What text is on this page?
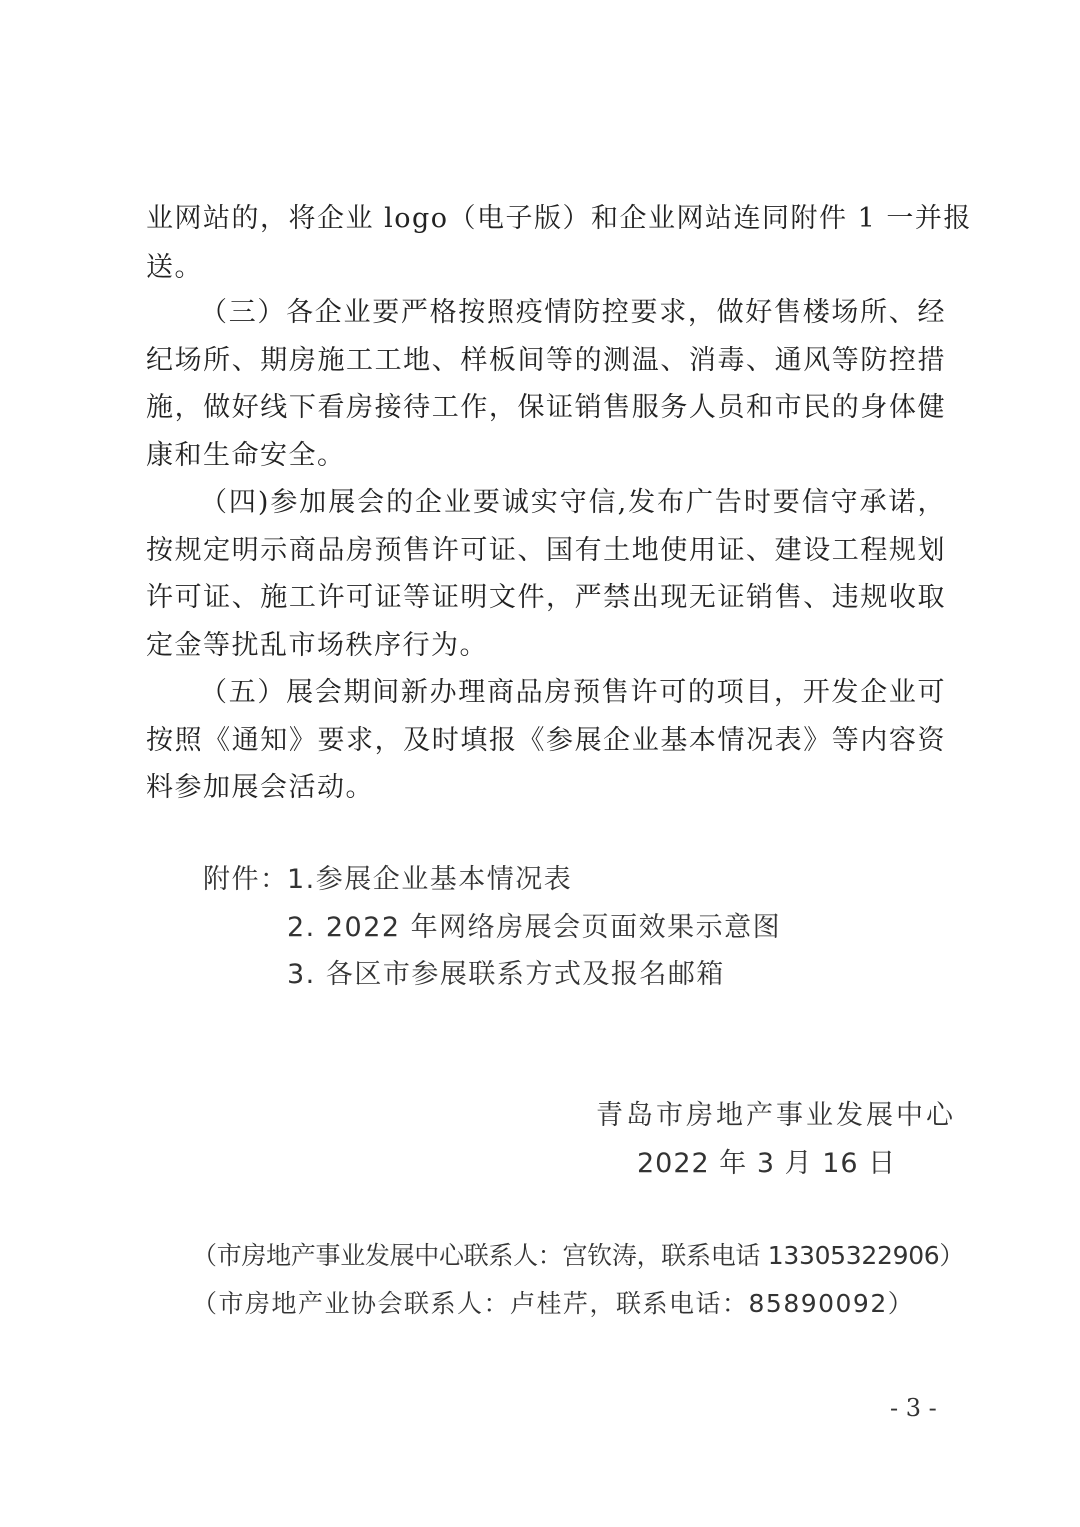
业网站的，将企业 logo（电子版）和企业网站连同附件 1 一并报
送。
（三）各企业要严格按照疫情防控要求，做好售楼场所、经
纪场所、期房施工工地、样板间等的测温、消毒、通风等防控措
施，做好线下看房接待工作，保证销售服务人员和市民的身体健
康和生命安全。
（四)参加展会的企业要诚实守信,发布广告时要信守承诺，
按规定明示商品房预售许可证、国有土地使用证、建设工程规划
许可证、施工许可证等证明文件，严禁出现无证销售、违规收取
定金等扰乱市场秩序行为。
（五）展会期间新办理商品房预售许可的项目，开发企业可
按照《通知》要求，及时填报《参展企业基本情况表》等内容资
料参加展会活动。
附件：
1.参展企业基本情况表
2. 2022 年网络房展会页面效果示意图
3. 各区市参展联系方式及报名邮箱
青岛市房地产事业发展中心
2022 年 3 月 16 日
（市房地产事业发展中心联系人：宫钦涛，联系电话 13305322906）
（市房地产业协会联系人：卢桂芹，联系电话：85890092）
- 3 -
